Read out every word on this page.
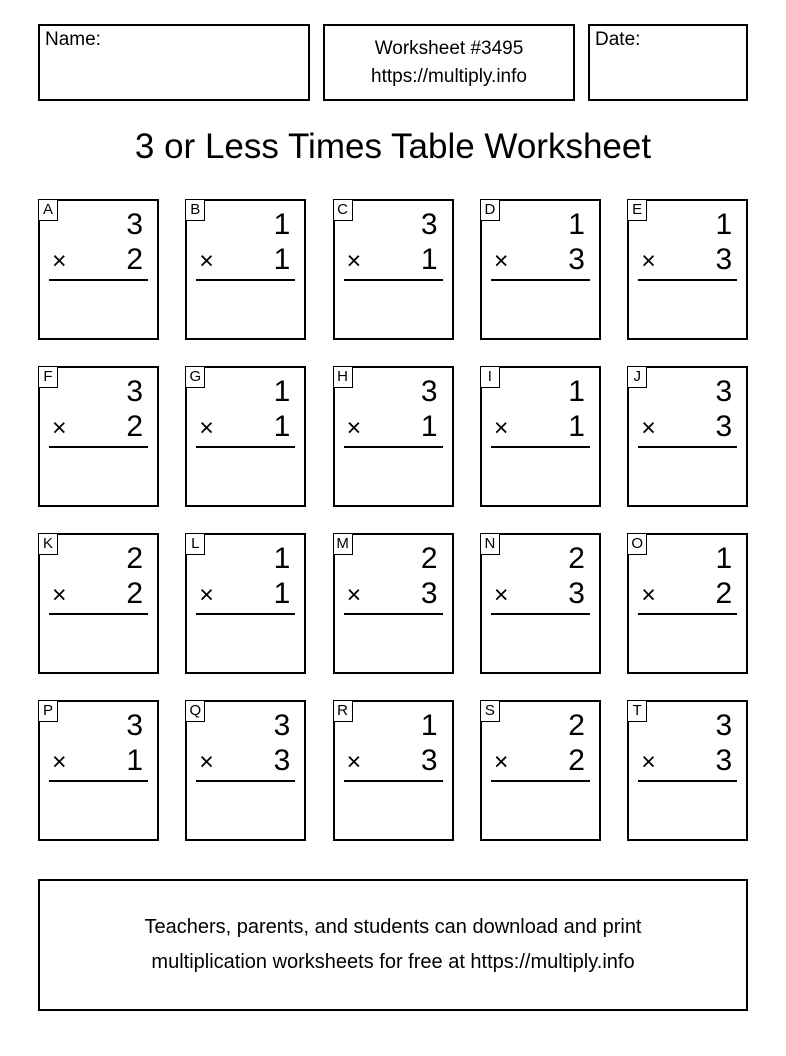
Name:	Worksheet #3495
https://multiply.info
Date:
3 or Less Times Table Worksheet
A 3
× 2
B 1
× 1
C 3
× 1
D 1
× 3
E 1
× 3
F 3
× 2
G 1
× 1
H 3
× 1
I	1
× 1
J 3
× 3
K 2
× 2
L 1
× 1
M 2
× 3
N 2
× 3
O 1
× 2
P 3
× 1
Q 3
× 3
R 1
× 3
S 2
× 2
T 3
× 3
Teachers, parents, and students can download and print
multiplication worksheets for free at https://multiply.info
